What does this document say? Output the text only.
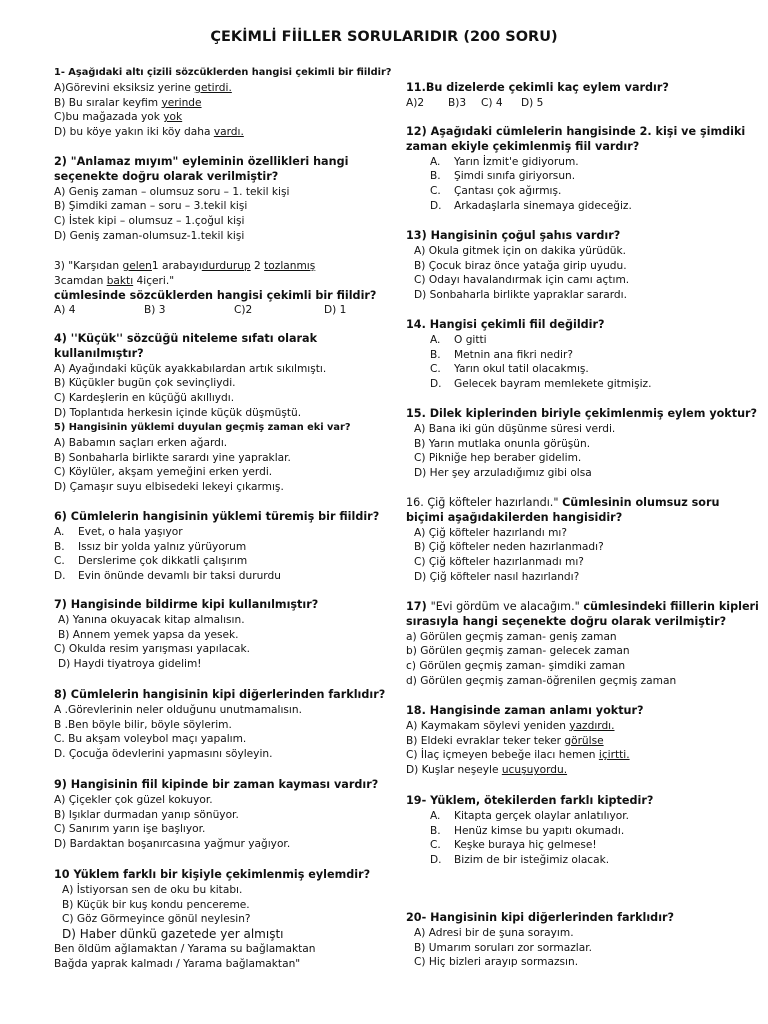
ÇEKİMLİ FİİLLER SORULARIDIR (200 SORU)
1- Aşağıdaki altı çizili sözcüklerden hangisi çekimli bir fiildir?
A)Görevini eksiksiz yerine getirdi.
B) Bu sıralar keyfim yerinde
C)bu mağazada yok yok
D) bu köye yakın iki köy daha vardı.
2) "Anlamaz mıyım" eyleminin özellikleri hangi seçenekte doğru olarak verilmiştir?
A) Geniş zaman – olumsuz soru – 1. tekil kişi
B) Şimdiki zaman – soru – 3.tekil kişi
C) İstek kipi – olumsuz – 1.çoğul kişi
D) Geniş zaman-olumsuz-1.tekil kişi
3) "Karşıdan gelen1 arabayıdurdurup 2 tozlanmış
3camdan baktı 4içeri."
cümlesinde sözcüklerden hangisi çekimli bir fiildir?
A) 4	B) 3	C)2	D) 1
4) ''Küçük'' sözcüğü niteleme sıfatı olarak kullanılmıştır?
A) Ayağındaki küçük ayakkabılardan artık sıkılmıştı.
B) Küçükler bugün çok sevinçliydi.
C) Kardeşlerin en küçüğü akıllıydı.
D) Toplantıda herkesin içinde küçük düşmüştü.
5) Hangisinin yüklemi duyulan geçmiş zaman eki var?
A) Babamın saçları erken ağardı.
B) Sonbaharla birlikte sarardı yine yapraklar.
C) Köylüler, akşam yemeğini erken yerdi.
D) Çamaşır suyu elbisedeki lekeyi çıkarmış.
6) Cümlelerin hangisinin yüklemi türemiş bir fiildir?
A.	Evet, o hala yaşıyor
B.	Issız bir yolda yalnız yürüyorum
C.	Derslerime çok dikkatli çalışırım
D.	Evin önünde devamlı bir taksi dururdu
7) Hangisinde bildirme kipi kullanılmıştır?
A) Yanına okuyacak kitap almalısın.
B) Annem yemek yapsa da yesek.
C) Okulda resim yarışması yapılacak.
D) Haydi tiyatroya gidelim!
8) Cümlelerin hangisinin kipi diğerlerinden farklıdır?
A .Görevlerinin neler olduğunu unutmamalısın.
B .Ben böyle bilir, böyle söylerim.
C. Bu akşam voleybol maçı yapalım.
D. Çocuğa ödevlerini yapmasını söyleyin.
9) Hangisinin fiil kipinde bir zaman kayması vardır?
A) Çiçekler çok güzel kokuyor.
B) Işıklar durmadan yanıp sönüyor.
C) Sanırım yarın işe başlıyor.
D) Bardaktan boşanırcasına yağmur yağıyor.
10 Yüklem farklı bir kişiyle çekimlenmiş eylemdir?
A) İstiyorsan sen de oku bu kitabı.
B) Küçük bir kuş kondu pencereme.
C) Göz Görmeyince gönül neylesin?
D) Haber dünkü gazetede yer almıştı
Ben öldüm ağlamaktan / Yarama su bağlamaktan
Bağda yaprak kalmadı / Yarama bağlamaktan"
11.Bu dizelerde çekimli kaç eylem vardır?
A)2	B)3	C) 4	D) 5
12) Aşağıdaki cümlelerin hangisinde 2. kişi ve şimdiki zaman ekiyle çekimlenmiş fiil vardır?
A.	Yarın İzmit'e gidiyorum.
B.	Şimdi sınıfa giriyorsun.
C.	Çantası çok ağırmış.
D.	Arkadaşlarla sinemaya gideceğiz.
13) Hangisinin çoğul şahıs vardır?
A) Okula gitmek için on dakika yürüdük.
B) Çocuk biraz önce yatağa girip uyudu.
C) Odayı havalandırmak için camı açtım.
D) Sonbaharla birlikte yapraklar sarardı.
14. Hangisi çekimli fiil değildir?
A.	O gitti
B.	Metnin ana fikri nedir?
C.	Yarın okul tatil olacakmış.
D.	Gelecek bayram memlekete gitmişiz.
15. Dilek kiplerinden biriyle çekimlenmiş eylem yoktur?
A) Bana iki gün düşünme süresi verdi.
B) Yarın mutlaka onunla görüşün.
C) Pikniğe hep beraber gidelim.
D) Her şey arzuladığımız gibi olsa
16. Çiğ köfteler hazırlandı." Cümlesinin olumsuz soru biçimi aşağıdakilerden hangisidir?
A) Çiğ köfteler hazırlandı mı?
B) Çiğ köfteler neden hazırlanmadı?
C) Çiğ köfteler hazırlanmadı mı?
D) Çiğ köfteler nasıl hazırlandı?
17) "Evi gördüm ve alacağım." cümlesindeki fiillerin kipleri sırasıyla hangi seçenekte doğru olarak verilmiştir?
a) Görülen geçmiş zaman- geniş zaman
b) Görülen geçmiş zaman- gelecek zaman
c) Görülen geçmiş zaman- şimdiki zaman
d) Görülen geçmiş zaman-öğrenilen geçmiş zaman
18. Hangisinde zaman anlamı yoktur?
A) Kaymakam söylevi yeniden yazdırdı.
B) Eldeki evraklar teker teker görülse
C) İlaç içmeyen bebeğe ilacı hemen içirtti.
D) Kuşlar neşeyle ucuşuyordu.
19- Yüklem, ötekilerden farklı kiptedir?
A.	Kitapta gerçek olaylar anlatılıyor.
B.	Henüz kimse bu yapıtı okumadı.
C.	Keşke buraya hiç gelmese!
D.	Bizim de bir isteğimiz olacak.
20- Hangisinin kipi diğerlerinden farklıdır?
A) Adresi bir de şuna sorayım.
B) Umarım soruları zor sormazlar.
C) Hiç bizleri arayıp sormazsın.
